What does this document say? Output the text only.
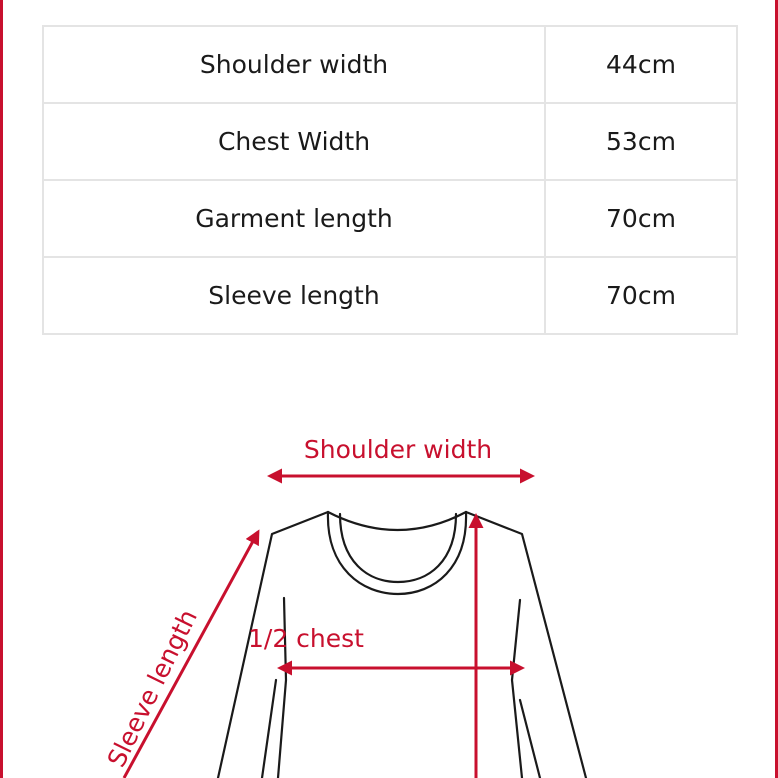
Shoulder width	44cm
Chest Width	53cm
Garment length	70cm
Sleeve length	70cm
Shoulder width
1/2 chest
Sleeve length
